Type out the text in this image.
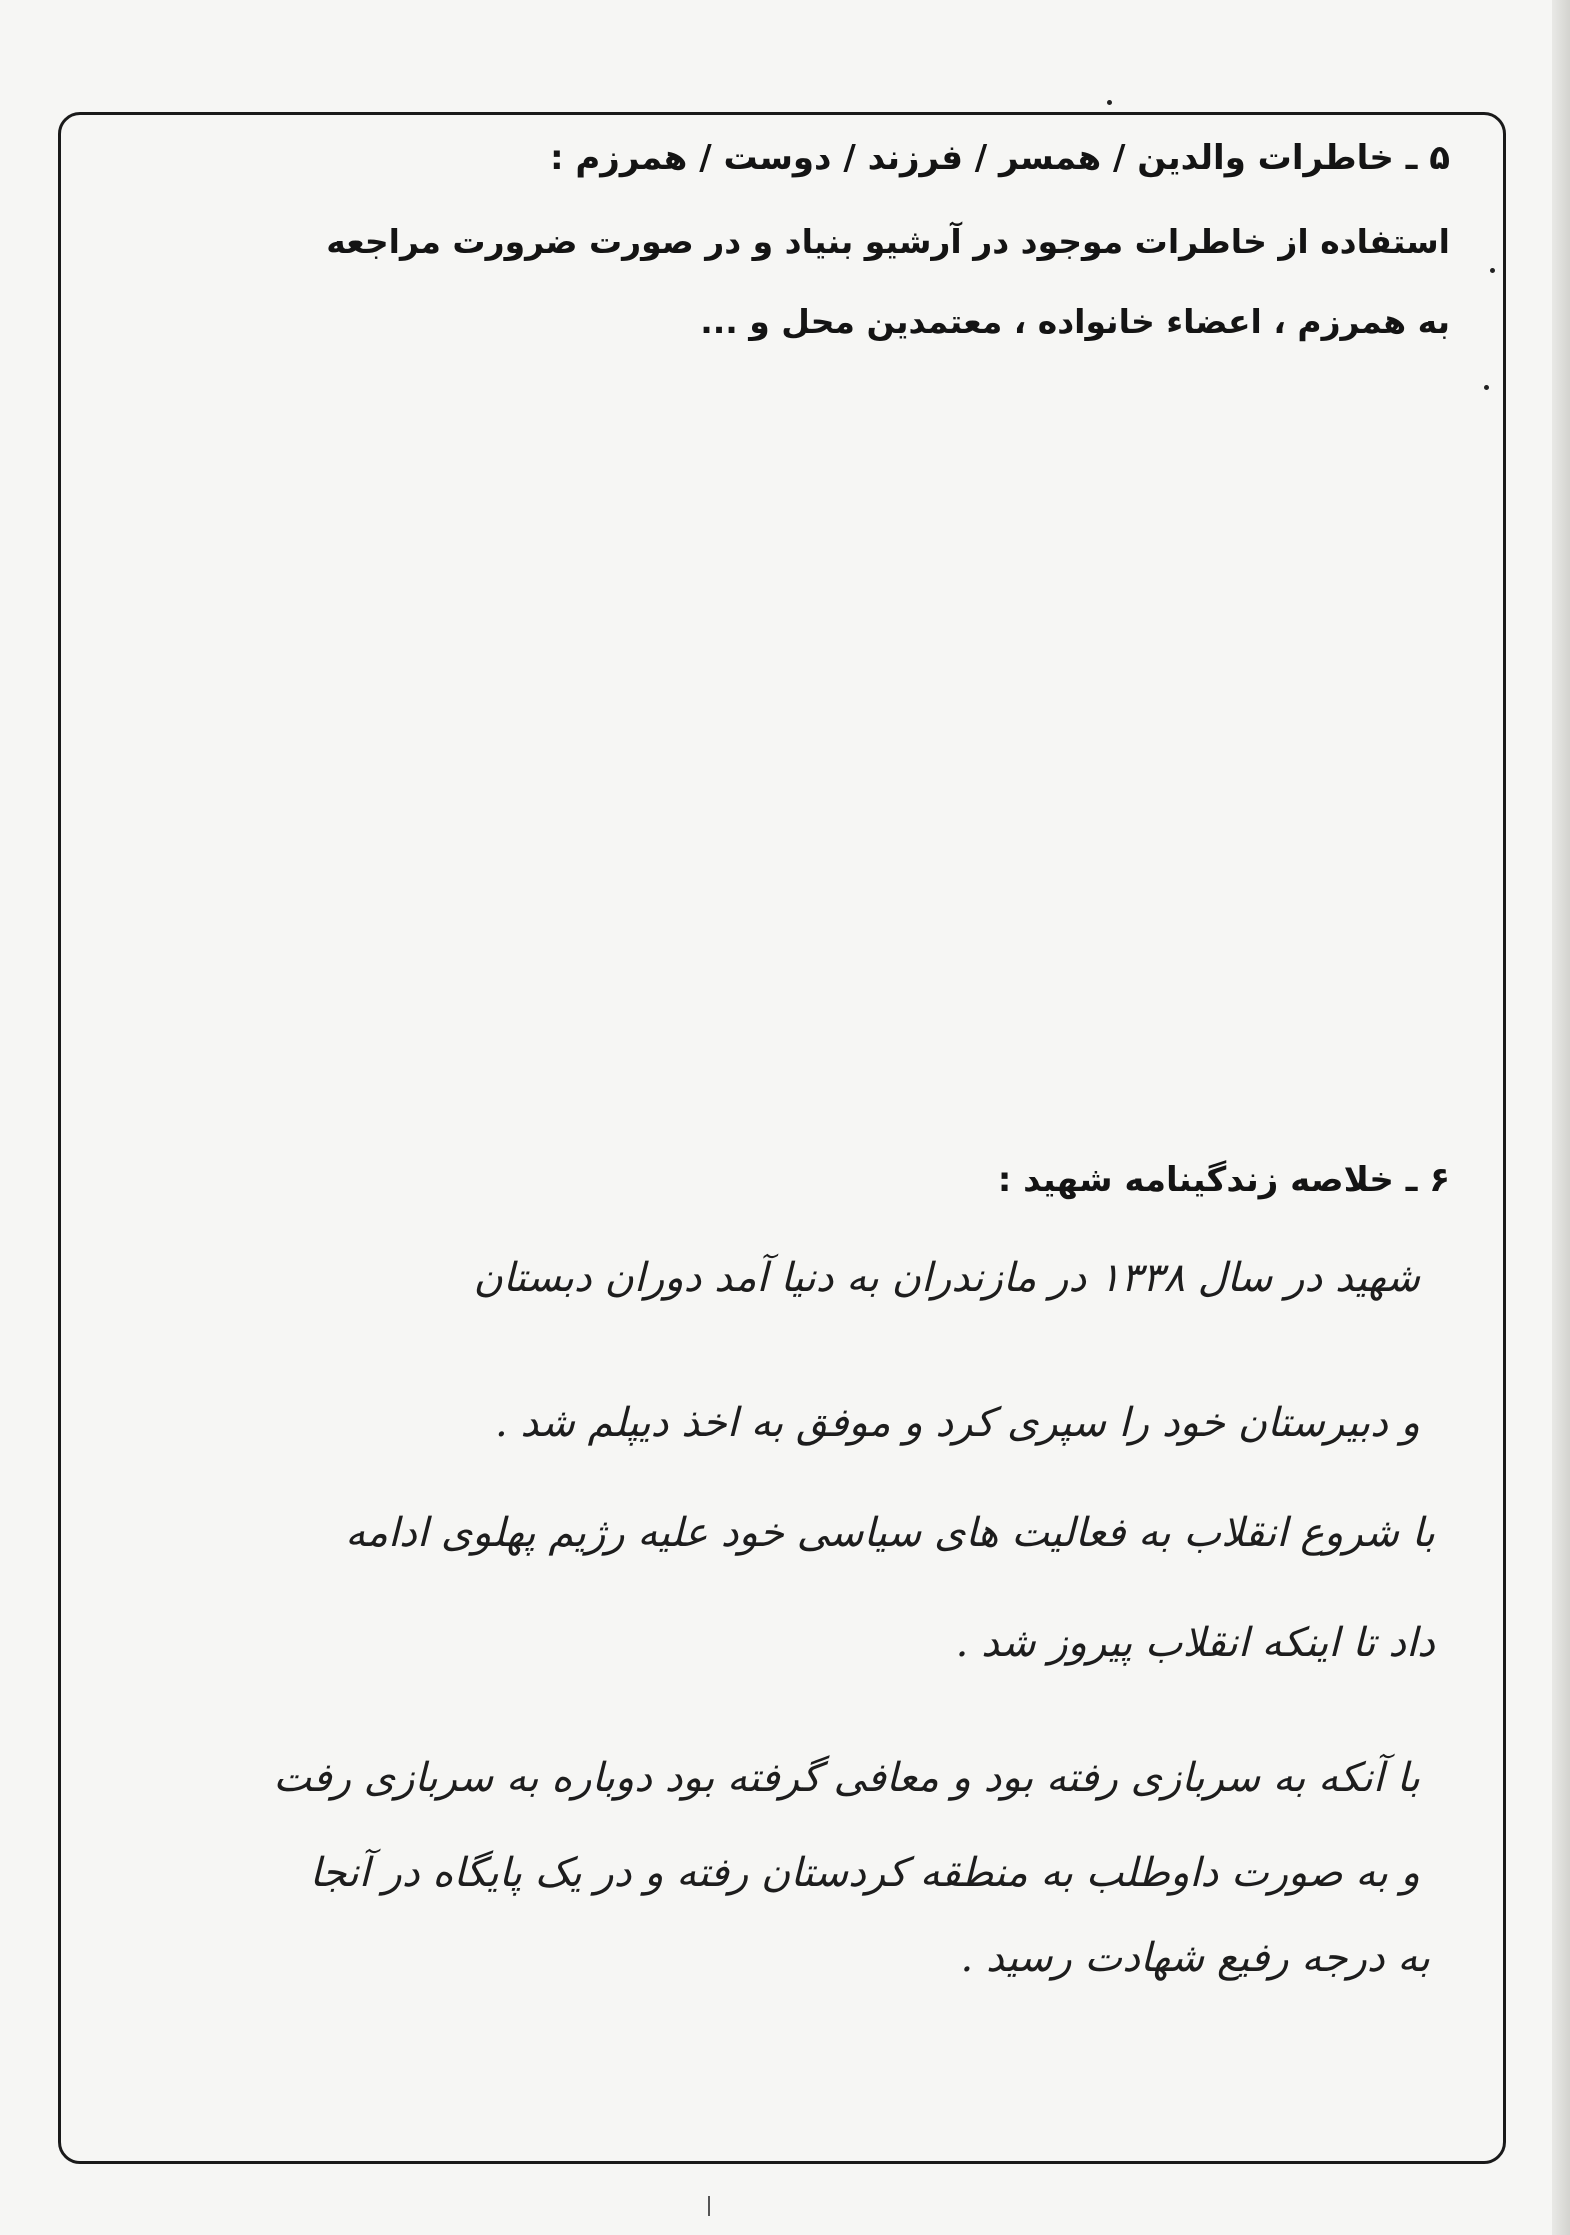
۵ ـ خاطرات والدین / همسر / فرزند / دوست / همرزم :
استفاده از خاطرات موجود در آرشیو بنیاد و در صورت ضرورت مراجعه
به همرزم ، اعضاء خانواده ، معتمدین محل و ...
۶ ـ خلاصه زندگینامه شهید :
شهید در سال ۱۳۳۸ در مازندران به دنیا آمد دوران دبستان
و دبیرستان خود را سپری کرد و موفق به اخذ دیپلم شد .
با شروع انقلاب به فعالیت های سیاسی خود علیه رژیم پهلوی ادامه
داد تا اینکه انقلاب پیروز شد .
با آنکه به سربازی رفته بود و معافی گرفته بود دوباره به سربازی رفت
و به صورت داوطلب به منطقه کردستان رفته و در یک پایگاه در آنجا
به درجه رفیع شهادت رسید .
